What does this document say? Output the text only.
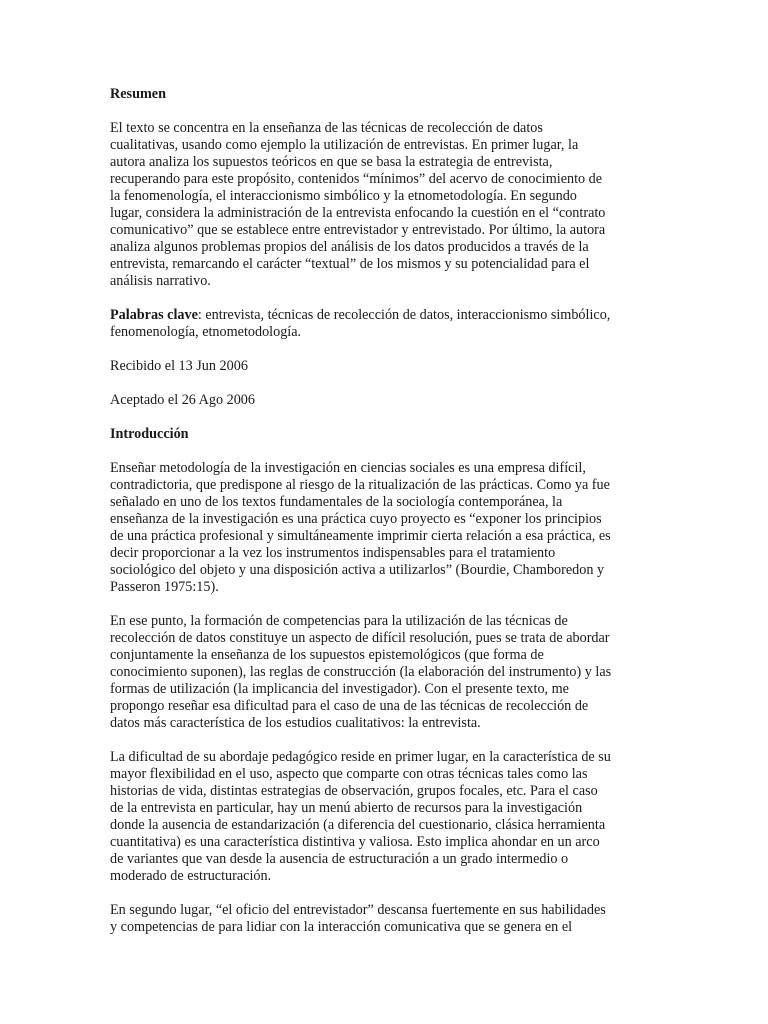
Resumen
El texto se concentra en la enseñanza de las técnicas de recolección de datos
cualitativas, usando como ejemplo la utilización de entrevistas. En primer lugar, la
autora analiza los supuestos teóricos en que se basa la estrategia de entrevista,
recuperando para este propósito, contenidos “mínimos” del acervo de conocimiento de
la fenomenología, el interaccionismo simbólico y la etnometodología. En segundo
lugar, considera la administración de la entrevista enfocando la cuestión en el “contrato
comunicativo” que se establece entre entrevistador y entrevistado. Por último, la autora
analiza algunos problemas propios del análisis de los datos producidos a través de la
entrevista, remarcando el carácter “textual” de los mismos y su potencialidad para el
análisis narrativo.
Palabras clave: entrevista, técnicas de recolección de datos, interaccionismo simbólico,
fenomenología, etnometodología.
Recibido el 13 Jun 2006
Aceptado el 26 Ago 2006
Introducción
Enseñar metodología de la investigación en ciencias sociales es una empresa difícil,
contradictoria, que predispone al riesgo de la ritualización de las prácticas. Como ya fue
señalado en uno de los textos fundamentales de la sociología contemporánea, la
enseñanza de la investigación es una práctica cuyo proyecto es “exponer los principios
de una práctica profesional y simultáneamente imprimir cierta relación a esa práctica, es
decir proporcionar a la vez los instrumentos indispensables para el tratamiento
sociológico del objeto y una disposición activa a utilizarlos” (Bourdie, Chamboredon y
Passeron 1975:15).
En ese punto, la formación de competencias para la utilización de las técnicas de
recolección de datos constituye un aspecto de difícil resolución, pues se trata de abordar
conjuntamente la enseñanza de los supuestos epistemológicos (que forma de
conocimiento suponen), las reglas de construcción (la elaboración del instrumento) y las
formas de utilización (la implicancia del investigador). Con el presente texto, me
propongo reseñar esa dificultad para el caso de una de las técnicas de recolección de
datos más característica de los estudios cualitativos: la entrevista.
La dificultad de su abordaje pedagógico reside en primer lugar, en la característica de su
mayor flexibilidad en el uso, aspecto que comparte con otras técnicas tales como las
historias de vida, distintas estrategias de observación, grupos focales, etc. Para el caso
de la entrevista en particular, hay un menú abierto de recursos para la investigación
donde la ausencia de estandarización (a diferencia del cuestionario, clásica herramienta
cuantitativa) es una característica distintiva y valiosa. Esto implica ahondar en un arco
de variantes que van desde la ausencia de estructuración a un grado intermedio o
moderado de estructuración.
En segundo lugar, “el oficio del entrevistador” descansa fuertemente en sus habilidades
y competencias de para lidiar con la interacción comunicativa que se genera en el
